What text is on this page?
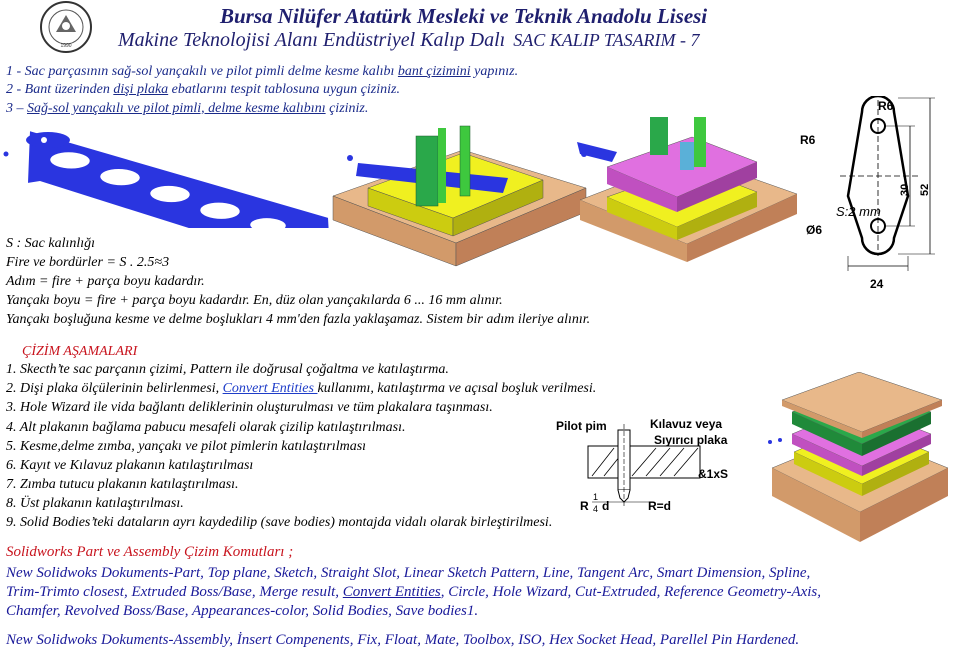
1990
Bursa Nilüfer Atatürk Mesleki ve Teknik Anadolu Lisesi
Makine Teknolojisi Alanı Endüstriyel Kalıp Dalı SAC KALIP TASARIM - 7
1 - Sac parçasının sağ-sol yançakılı ve pilot pimli delme kesme kalıbı bant çizimini yapınız.
2 - Bant üzerinden dişi plaka ebatlarını tespit tablosuna uygun çiziniz.
3 – Sağ-sol yançakılı ve pilot pimli, delme kesme kalıbını çiziniz.	R6
R6
Ø6
S:2 mm
30 52
24
S : Sac kalınlığı
Fire ve bordürler = S . 2.5≈3
Adım = fire + parça boyu kadardır.
Yançakı boyu = fire + parça boyu kadardır. En, düz olan yançakılarda 6 ... 16 mm alınır.
Yançakı boşluğuna kesme ve delme boşlukları 4 mm'den fazla yaklaşamaz. Sistem bir adım ileriye alınır.
ÇİZİM AŞAMALARI
1. Skecth’te sac parçanın çizimi, Pattern ile doğrusal çoğaltma ve katılaştırma.
2. Dişi plaka ölçülerinin belirlenmesi, Convert Entities kullanımı, katılaştırma ve açısal boşluk verilmesi.
3. Hole Wizard ile vida bağlantı deliklerinin oluşturulması ve tüm plakalara taşınması.
4. Alt plakanın bağlama pabucu mesafeli olarak çizilip katılaştırılması.
5. Kesme,delme zımba, yançakı ve pilot pimlerin katılaştırılması
6. Kayıt ve Kılavuz plakanın katılaştırılması
7. Zımba tutucu plakanın katılaştırılması.
8. Üst plakanın katılaştırılması.
9. Solid Bodies’teki dataların ayrı kaydedilip (save bodies) montajda vidalı olarak birleştirilmesi.
Pilot pim	Kılavuz veya
Sıyırıcı plaka
&1xS
R
1
4 d	R=d
Solidworks Part ve Assembly Çizim Komutları ;
New Solidwoks Dokuments-Part, Top plane, Sketch, Straight Slot, Linear Sketch Pattern, Line, Tangent Arc, Smart Dimension, Spline,
Trim-Trimto closest, Extruded Boss/Base, Merge result, Convert Entities, Circle, Hole Wizard, Cut-Extruded, Reference Geometry-Axis,
Chamfer, Revolved Boss/Base, Appearances-color, Solid Bodies, Save bodies1.
New Solidwoks Dokuments-Assembly, İnsert Compenents, Fix, Float, Mate, Toolbox, ISO, Hex Socket Head, Parellel Pin Hardened.
